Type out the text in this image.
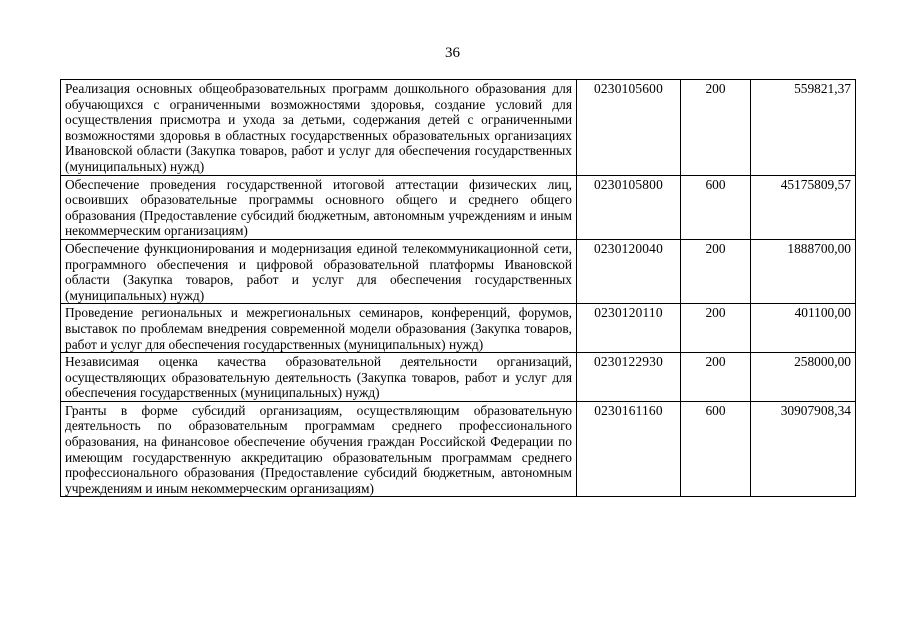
36
Реализация основных общеобразовательных программ дошкольного образования для обучающихся с ограниченными возможностями здоровья, создание условий для осуществления присмотра и ухода за детьми, содержания детей с ограниченными возможностями здоровья в областных государственных образовательных организациях Ивановской области (Закупка товаров, работ и услуг для обеспечения государственных (муниципальных) нужд)	0230105600	200	559821,37
Обеспечение проведения государственной итоговой аттестации физических лиц, освоивших образовательные программы основного общего и среднего общего образования (Предоставление субсидий бюджетным, автономным учреждениям и иным некоммерческим организациям)	0230105800	600	45175809,57
Обеспечение функционирования и модернизация единой телекоммуникационной сети, программного обеспечения и цифровой образовательной платформы Ивановской области (Закупка товаров, работ и услуг для обеспечения государственных (муниципальных) нужд)	0230120040	200	1888700,00
Проведение региональных и межрегиональных семинаров, конференций, форумов, выставок по проблемам внедрения современной модели образования (Закупка товаров, работ и услуг для обеспечения государственных (муниципальных) нужд)	0230120110	200	401100,00
Независимая оценка качества образовательной деятельности организаций, осуществляющих образовательную деятельность (Закупка товаров, работ и услуг для обеспечения государственных (муниципальных) нужд)	0230122930	200	258000,00
Гранты в форме субсидий организациям, осуществляющим образовательную деятельность по образовательным программам среднего профессионального образования, на финансовое обеспечение обучения граждан Российской Федерации по имеющим государственную аккредитацию образовательным программам среднего профессионального образования (Предоставление субсидий бюджетным, автономным учреждениям и иным некоммерческим организациям)	0230161160	600	30907908,34
